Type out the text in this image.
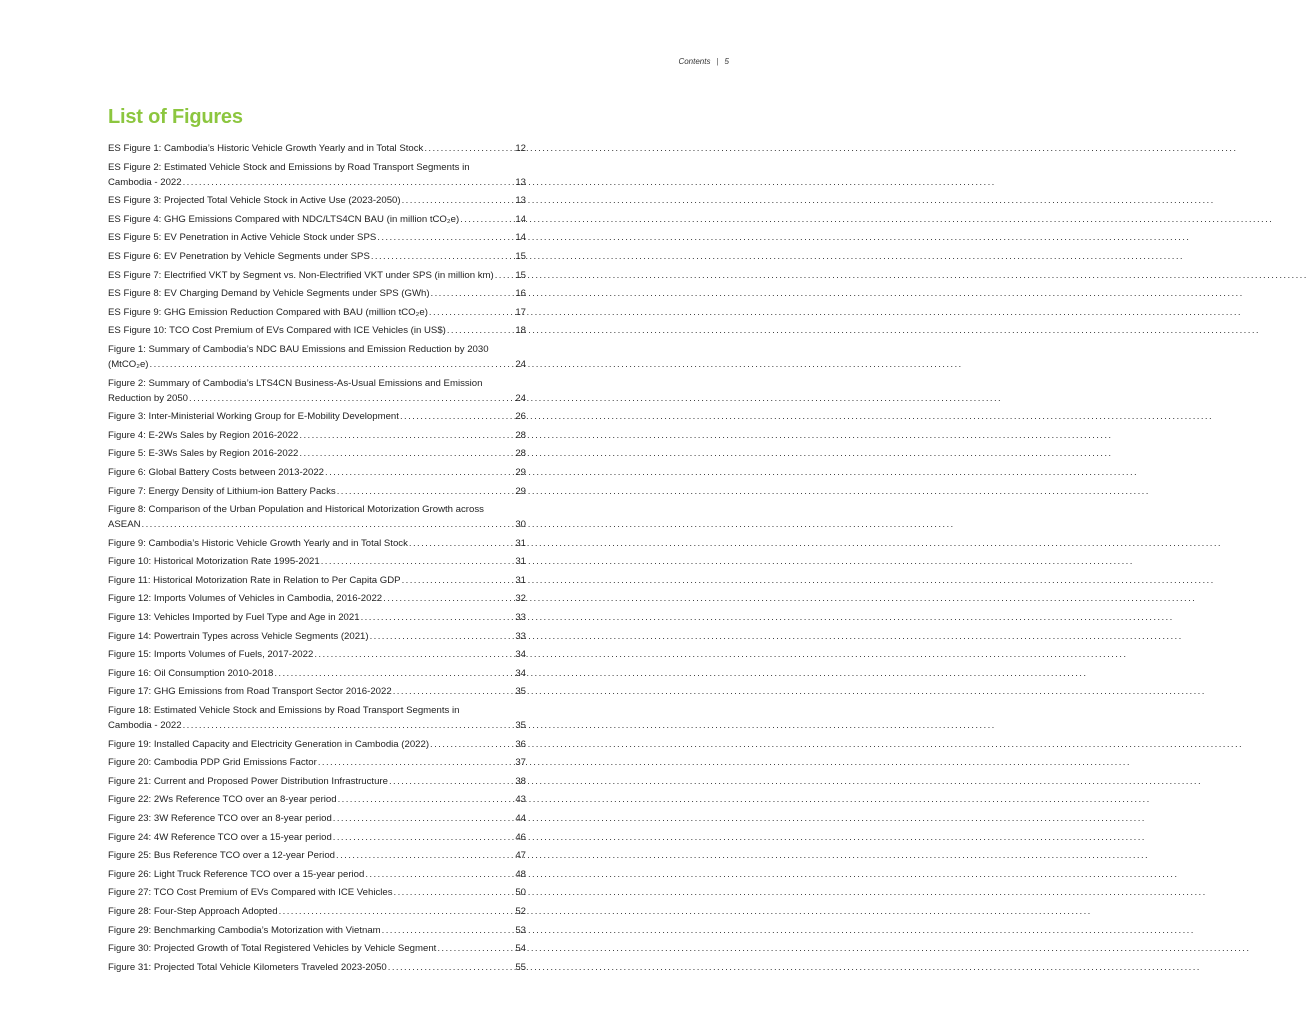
Contents | 5
List of Figures
ES Figure 1: Cambodia’s Historic Vehicle Growth Yearly and in Total Stock .....	12
ES Figure 2: Estimated Vehicle Stock and Emissions by Road Transport Segments in
Cambodia - 2022 .....	13
ES Figure 3: Projected Total Vehicle Stock in Active Use (2023-2050) .....	13
ES Figure 4: GHG Emissions Compared with NDC/LTS4CN BAU (in million tCO₂e) .....	14
ES Figure 5: EV Penetration in Active Vehicle Stock under SPS .....	14
ES Figure 6: EV Penetration by Vehicle Segments under SPS .....	15
ES Figure 7: Electrified VKT by Segment vs. Non-Electrified VKT under SPS (in million km) ..... 15
ES Figure 8: EV Charging Demand by Vehicle Segments under SPS (GWh) .....	16
ES Figure 9: GHG Emission Reduction Compared with BAU (million tCO₂e) .....	17
ES Figure 10: TCO Cost Premium of EVs Compared with ICE Vehicles (in US$) .....	18
Figure 1: Summary of Cambodia’s NDC BAU Emissions and Emission Reduction by 2030
(MtCO₂e) .....	24
Figure 2: Summary of Cambodia’s LTS4CN Business-As-Usual Emissions and Emission
Reduction by 2050 .....	24
Figure 3: Inter-Ministerial Working Group for E-Mobility Development .....	26
Figure 4: E-2Ws Sales by Region 2016-2022 .....	28
Figure 5: E-3Ws Sales by Region 2016-2022 .....	28
Figure 6: Global Battery Costs between 2013-2022 .....	29
Figure 7: Energy Density of Lithium-ion Battery Packs .....	29
Figure 8: Comparison of the Urban Population and Historical Motorization Growth across
ASEAN .....	30
Figure 9: Cambodia’s Historic Vehicle Growth Yearly and in Total Stock .....	31
Figure 10: Historical Motorization Rate 1995-2021 .....	31
Figure 11: Historical Motorization Rate in Relation to Per Capita GDP .....	31
Figure 12: Imports Volumes of Vehicles in Cambodia, 2016-2022 .....	32
Figure 13: Vehicles Imported by Fuel Type and Age in 2021 .....	33
Figure 14: Powertrain Types across Vehicle Segments (2021) .....	33
Figure 15: Imports Volumes of Fuels, 2017-2022 .....	34
Figure 16: Oil Consumption 2010-2018 .....	34
Figure 17: GHG Emissions from Road Transport Sector 2016-2022 .....	35
Figure 18: Estimated Vehicle Stock and Emissions by Road Transport Segments in
Cambodia - 2022 .....	35
Figure 19: Installed Capacity and Electricity Generation in Cambodia (2022) .....	36
Figure 20: Cambodia PDP Grid Emissions Factor .....	37
Figure 21: Current and Proposed Power Distribution Infrastructure .....	38
Figure 22: 2Ws Reference TCO over an 8-year period .....	43
Figure 23: 3W Reference TCO over an 8-year period .....	44
Figure 24: 4W Reference TCO over a 15-year period .....	46
Figure 25: Bus Reference TCO over a 12-year Period .....	47
Figure 26: Light Truck Reference TCO over a 15-year period .....	48
Figure 27: TCO Cost Premium of EVs Compared with ICE Vehicles .....	50
Figure 28: Four-Step Approach Adopted .....	52
Figure 29: Benchmarking Cambodia’s Motorization with Vietnam .....	53
Figure 30: Projected Growth of Total Registered Vehicles by Vehicle Segment .....	54
Figure 31: Projected Total Vehicle Kilometers Traveled 2023-2050 .....	55
